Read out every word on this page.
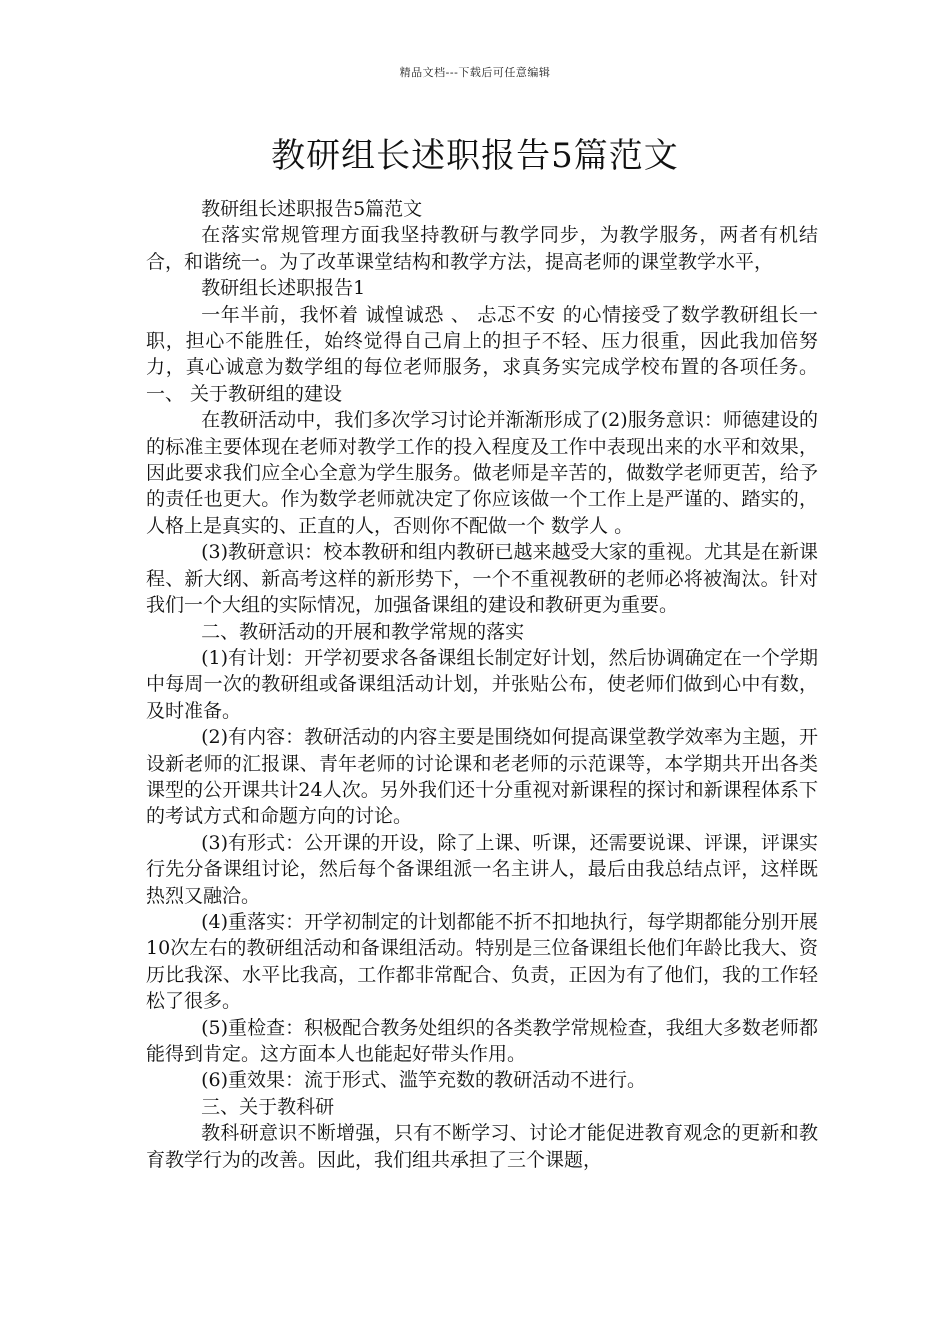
精品文档---下载后可任意编辑
教研组长述职报告5篇范文

教研组长述职报告5篇范文

在落实常规管理方面我坚持教研与教学同步，为教学服务，两者有机结合，和谐统一。为了改革课堂结构和教学方法，提高老师的课堂教学水平，

教研组长述职报告1

一年半前，我怀着 诚惶诚恐 、 忐忑不安 的心情接受了数学教研组长一职，担心不能胜任，始终觉得自己肩上的担子不轻、压力很重，因此我加倍努力，真心诚意为数学组的每位老师服务，求真务实完成学校布置的各项任务。一、 关于教研组的建设

在教研活动中，我们多次学习讨论并渐渐形成了(2)服务意识：师德建设的的标准主要体现在老师对教学工作的投入程度及工作中表现出来的水平和效果，因此要求我们应全心全意为学生服务。做老师是辛苦的，做数学老师更苦，给予的责任也更大。作为数学老师就决定了你应该做一个工作上是严谨的、踏实的，人格上是真实的、正直的人，否则你不配做一个 数学人 。

(3)教研意识：校本教研和组内教研已越来越受大家的重视。尤其是在新课程、新大纲、新高考这样的新形势下，一个不重视教研的老师必将被淘汰。针对我们一个大组的实际情况，加强备课组的建设和教研更为重要。

二、教研活动的开展和教学常规的落实

(1)有计划：开学初要求各备课组长制定好计划，然后协调确定在一个学期中每周一次的教研组或备课组活动计划，并张贴公布，使老师们做到心中有数，及时准备。

(2)有内容：教研活动的内容主要是围绕如何提高课堂教学效率为主题，开设新老师的汇报课、青年老师的讨论课和老老师的示范课等，本学期共开出各类课型的公开课共计24人次。另外我们还十分重视对新课程的探讨和新课程体系下的考试方式和命题方向的讨论。

(3)有形式：公开课的开设，除了上课、听课，还需要说课、评课，评课实行先分备课组讨论，然后每个备课组派一名主讲人，最后由我总结点评，这样既热烈又融洽。

(4)重落实：开学初制定的计划都能不折不扣地执行，每学期都能分别开展10次左右的教研组活动和备课组活动。特别是三位备课组长他们年龄比我大、资历比我深、水平比我高，工作都非常配合、负责，正因为有了他们，我的工作轻松了很多。

(5)重检查：积极配合教务处组织的各类教学常规检查，我组大多数老师都能得到肯定。这方面本人也能起好带头作用。

(6)重效果：流于形式、滥竽充数的教研活动不进行。

三、关于教科研

教科研意识不断增强，只有不断学习、讨论才能促进教育观念的更新和教育教学行为的改善。因此，我们组共承担了三个课题，
